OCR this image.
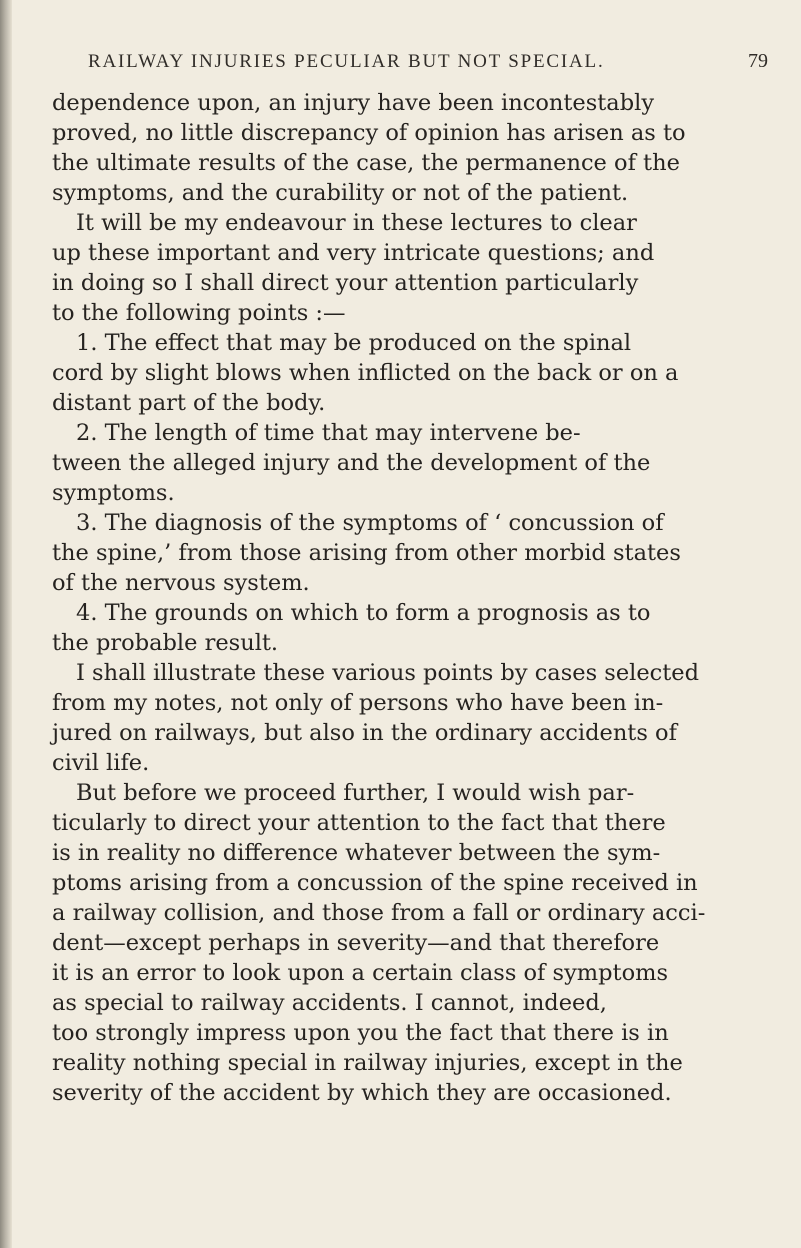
RAILWAY INJURIES PECULIAR BUT NOT SPECIAL.	79
dependence upon, an injury have been incontestably
proved, no little discrepancy of opinion has arisen as to
the ultimate results of the case, the permanence of the
symptoms, and the curability or not of the patient.
It will be my endeavour in these lectures to clear
up these important and very intricate questions; and
in doing so I shall direct your attention particularly
to the following points :—
1. The effect that may be produced on the spinal
cord by slight blows when inflicted on the back or on a
distant part of the body.
2. The length of time that may intervene be-
tween the alleged injury and the development of the
symptoms.
3. The diagnosis of the symptoms of ‘ concussion of
the spine,’ from those arising from other morbid states
of the nervous system.
4. The grounds on which to form a prognosis as to
the probable result.
I shall illustrate these various points by cases selected
from my notes, not only of persons who have been in-
jured on railways, but also in the ordinary accidents of
civil life.
But before we proceed further, I would wish par-
ticularly to direct your attention to the fact that there
is in reality no difference whatever between the sym-
ptoms arising from a concussion of the spine received in
a railway collision, and those from a fall or ordinary acci-
dent—except perhaps in severity—and that therefore
it is an error to look upon a certain class of symptoms
as special to railway accidents. I cannot, indeed,
too strongly impress upon you the fact that there is in
reality nothing special in railway injuries, except in the
severity of the accident by which they are occasioned.
